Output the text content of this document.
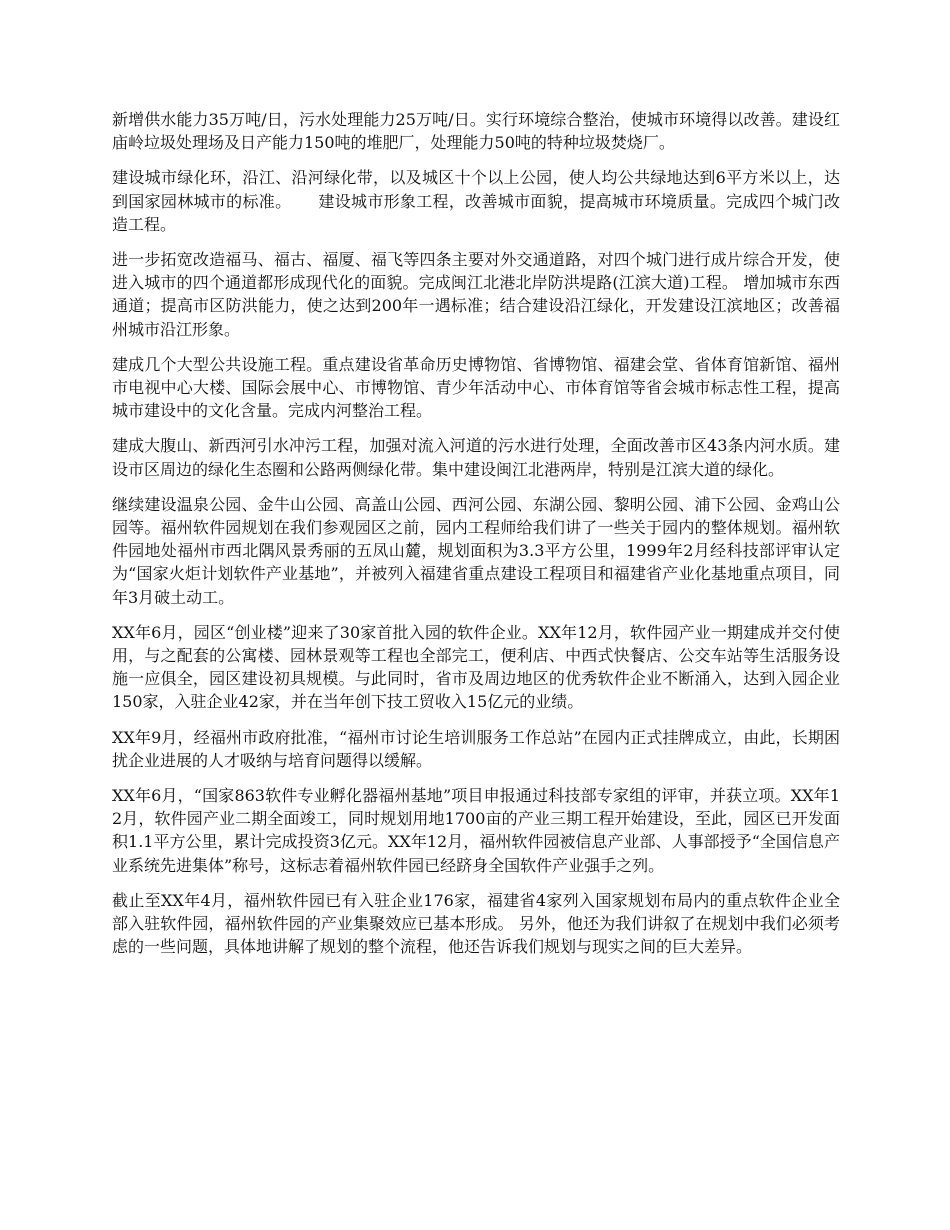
新增供水能力35万吨/日，污水处理能力25万吨/日。实行环境综合整治，使城市环境得以改善。建设红庙岭垃圾处理场及日产能力150吨的堆肥厂，处理能力50吨的特种垃圾焚烧厂。

建设城市绿化环，沿江、沿河绿化带，以及城区十个以上公园，使人均公共绿地达到6平方米以上，达到国家园林城市的标准。     建设城市形象工程，改善城市面貌，提高城市环境质量。完成四个城门改造工程。

进一步拓宽改造福马、福古、福厦、福飞等四条主要对外交通道路，对四个城门进行成片综合开发，使进入城市的四个通道都形成现代化的面貌。完成闽江北港北岸防洪堤路(江滨大道)工程。 增加城市东西通道；提高市区防洪能力，使之达到200年一遇标准；结合建设沿江绿化，开发建设江滨地区；改善福州城市沿江形象。

建成几个大型公共设施工程。重点建设省革命历史博物馆、省博物馆、福建会堂、省体育馆新馆、福州市电视中心大楼、国际会展中心、市博物馆、青少年活动中心、市体育馆等省会城市标志性工程，提高城市建设中的文化含量。完成内河整治工程。

建成大腹山、新西河引水冲污工程，加强对流入河道的污水进行处理，全面改善市区43条内河水质。建设市区周边的绿化生态圈和公路两侧绿化带。集中建设闽江北港两岸，特别是江滨大道的绿化。

继续建设温泉公园、金牛山公园、高盖山公园、西河公园、东湖公园、黎明公园、浦下公园、金鸡山公园等。福州软件园规划在我们参观园区之前，园内工程师给我们讲了一些关于园内的整体规划。福州软件园地处福州市西北隅风景秀丽的五凤山麓，规划面积为3.3平方公里，1999年2月经科技部评审认定为“国家火炬计划软件产业基地”，并被列入福建省重点建设工程项目和福建省产业化基地重点项目，同年3月破土动工。

XX年6月，园区“创业楼”迎来了30家首批入园的软件企业。XX年12月，软件园产业一期建成并交付使用，与之配套的公寓楼、园林景观等工程也全部完工，便利店、中西式快餐店、公交车站等生活服务设施一应俱全，园区建设初具规模。与此同时，省市及周边地区的优秀软件企业不断涌入，达到入园企业150家，入驻企业42家，并在当年创下技工贸收入15亿元的业绩。

XX年9月，经福州市政府批准，“福州市讨论生培训服务工作总站”在园内正式挂牌成立，由此，长期困扰企业进展的人才吸纳与培育问题得以缓解。

XX年6月，“国家863软件专业孵化器福州基地”项目申报通过科技部专家组的评审，并获立项。XX年12月，软件园产业二期全面竣工，同时规划用地1700亩的产业三期工程开始建设，至此，园区已开发面积1.1平方公里，累计完成投资3亿元。XX年12月，福州软件园被信息产业部、人事部授予“全国信息产业系统先进集体”称号，这标志着福州软件园已经跻身全国软件产业强手之列。

截止至XX年4月，福州软件园已有入驻企业176家，福建省4家列入国家规划布局内的重点软件企业全部入驻软件园，福州软件园的产业集聚效应已基本形成。 另外，他还为我们讲叙了在规划中我们必须考虑的一些问题，具体地讲解了规划的整个流程，他还告诉我们规划与现实之间的巨大差异。
